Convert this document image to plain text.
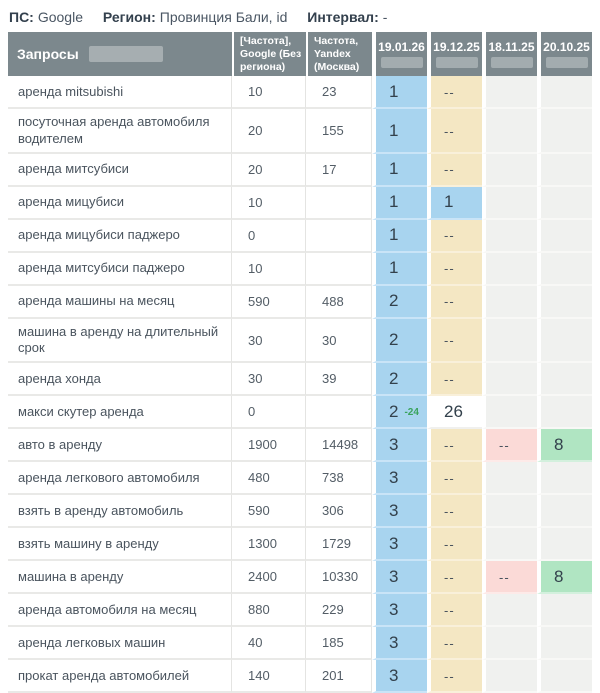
ПС: Google Регион: Провинция Бали, id Интервал: -
Запросы	[Частота], Google (Без региона)	Частота, Yandex (Москва)	19.01.26	19.12.25	18.11.25	20.10.25

аренда mitsubishi	10	23	1	--		
посуточная аренда автомобиля водителем	20	155	1	--		
аренда митсубиси	20	17	1	--		
аренда мицубиси	10		1	1		
аренда мицубиси паджеро	0		1	--		
аренда митсубиси паджеро	10		1	--		
аренда машины на месяц	590	488	2	--		
машина в аренду на длительный срок	30	30	2	--		
аренда хонда	30	39	2	--		
макси скутер аренда	0		2 -24	26		
авто в аренду	1900	14498	3	--	--	8
аренда легкового автомобиля	480	738	3	--		
взять в аренду автомобиль	590	306	3	--		
взять машину в аренду	1300	1729	3	--		
машина в аренду	2400	10330	3	--	--	8
аренда автомобиля на месяц	880	229	3	--		
аренда легковых машин	40	185	3	--		
прокат аренда автомобилей	140	201	3	--		
